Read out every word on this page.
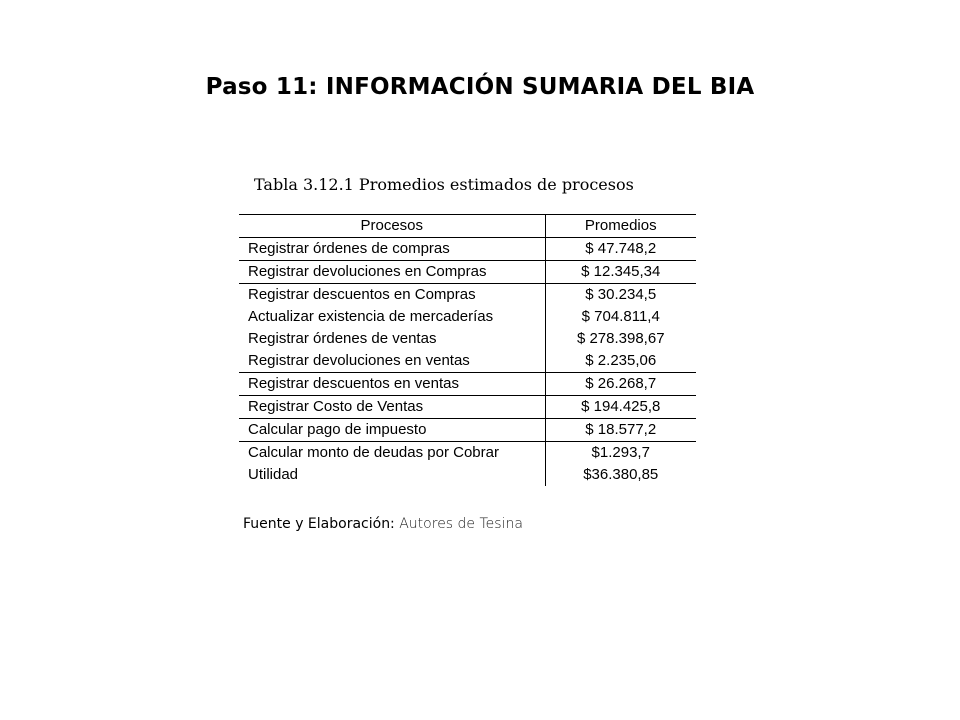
Paso 11: INFORMACIÓN SUMARIA DEL BIA
Tabla 3.12.1 Promedios estimados de procesos
Procesos	Promedios
Registrar órdenes de compras	$ 47.748,2
Registrar devoluciones en Compras	$ 12.345,34
Registrar descuentos en Compras	$ 30.234,5
Actualizar existencia de mercaderías	$ 704.811,4
Registrar órdenes de ventas	$ 278.398,67
Registrar devoluciones en ventas	$ 2.235,06
Registrar descuentos en ventas	$ 26.268,7
Registrar Costo de Ventas	$ 194.425,8
Calcular pago de impuesto	$ 18.577,2
Calcular monto de deudas por Cobrar	$1.293,7
Utilidad	$36.380,85
Fuente y Elaboración: Autores de Tesina
